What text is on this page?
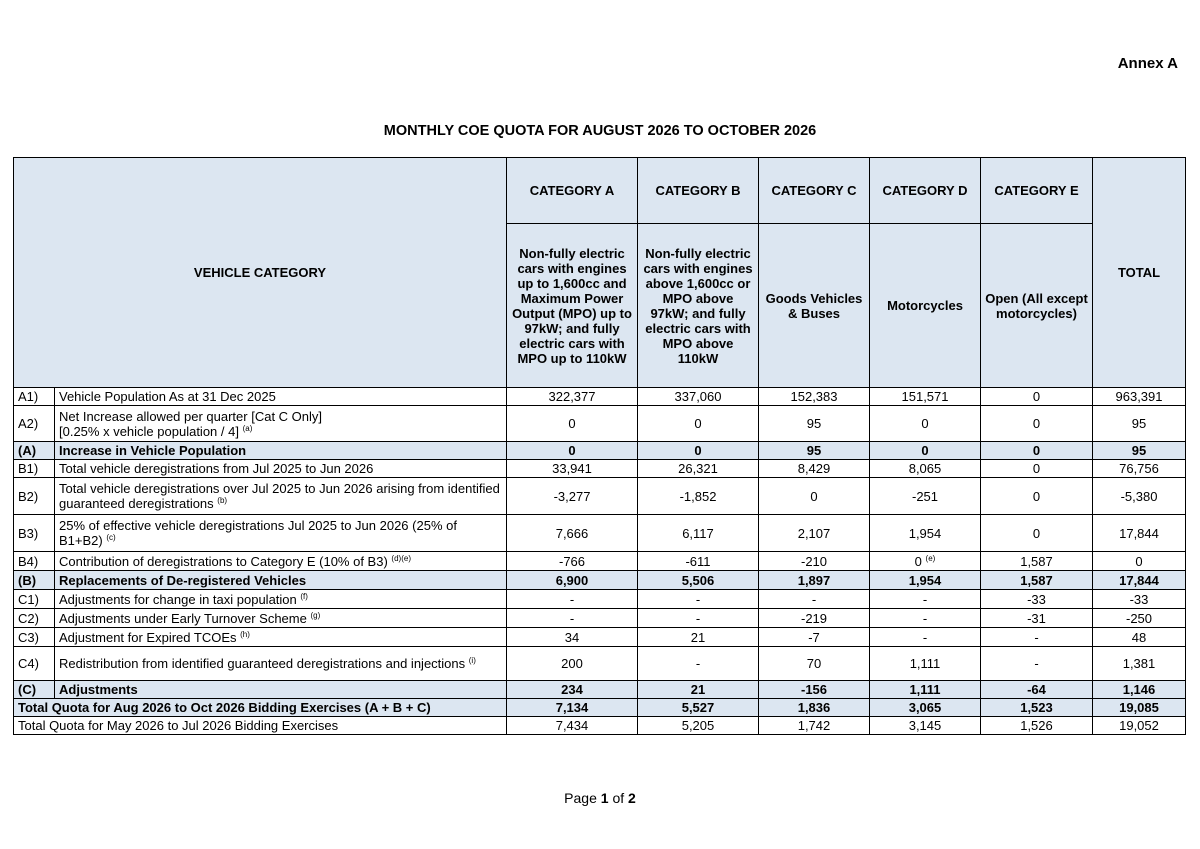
Annex A
MONTHLY COE QUOTA FOR AUGUST 2026 TO OCTOBER 2026
VEHICLE CATEGORY		CATEGORY A	CATEGORY B	CATEGORY C	CATEGORY D	CATEGORY E	TOTAL
		Non-fully electric cars with engines up to 1,600cc and Maximum Power Output (MPO) up to 97kW; and fully electric cars with MPO up to 110kW	Non-fully electric cars with engines above 1,600cc or MPO above 97kW; and fully electric cars with MPO above 110kW	Goods Vehicles & Buses	Motorcycles	Open (All except motorcycles)	
A1)	Vehicle Population As at 31 Dec 2025	322,377	337,060	152,383	151,571	0	963,391
A2)	Net Increase allowed per quarter [Cat C Only]
[0.25% x vehicle population / 4] $^{(a)}$	0	0	95	0	0	95
(A)	Increase in Vehicle Population	0	0	95	0	0	95
B1)	Total vehicle deregistrations from Jul 2025 to Jun 2026	33,941	26,321	8,429	8,065	0	76,756
B2)	Total vehicle deregistrations over Jul 2025 to Jun 2026 arising from identified guaranteed deregistrations $^{(b)}$	-3,277	-1,852	0	-251	0	-5,380
B3)	25% of effective vehicle deregistrations Jul 2025 to Jun 2026 (25% of B1+B2) $^{(c)}$	7,666	6,117	2,107	1,954	0	17,844
B4)	Contribution of deregistrations to Category E (10% of B3) $^{(d)(e)}$	-766	-611	-210	0 $^{(e)}$	1,587	0
(B)	Replacements of De-registered Vehicles	6,900	5,506	1,897	1,954	1,587	17,844
C1)	Adjustments for change in taxi population $^{(f)}$	-	-	-	-	-33	-33
C2)	Adjustments under Early Turnover Scheme $^{(g)}$	-	-	-219	-	-31	-250
C3)	Adjustment for Expired TCOEs $^{(h)}$	34	21	-7	-	-	48
C4)	Redistribution from identified guaranteed deregistrations and injections $^{(i)}$	200	-	70	1,111	-	1,381
(C)	Adjustments	234	21	-156	1,111	-64	1,146
Total Quota for Aug 2026 to Oct 2026 Bidding Exercises (A + B + C)		7,134	5,527	1,836	3,065	1,523	19,085
Total Quota for May 2026 to Jul 2026 Bidding Exercises		7,434	5,205	1,742	3,145	1,526	19,052
Page 1 of 2
